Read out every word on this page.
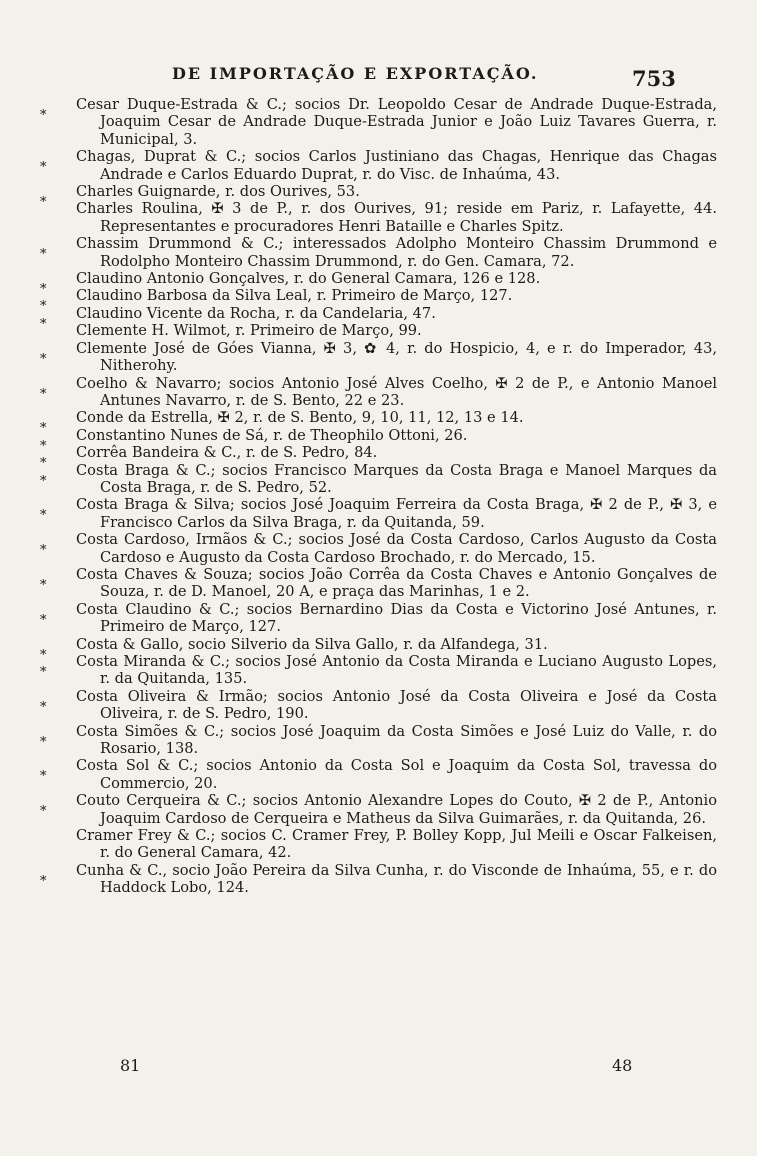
DE IMPORTAÇÃO E EXPORTAÇÃO.	753
*
Cesar Duque-Estrada & C.; socios Dr. Leopoldo Cesar de Andrade Duque-Estrada, Joaquim Cesar de Andrade Duque-Estrada Junior e João Luiz Tavares Guerra, r. Municipal, 3.
*
Chagas, Duprat & C.; socios Carlos Justiniano das Chagas, Henrique das Chagas Andrade e Carlos Eduardo Duprat, r. do Visc. de Inhaúma, 43.
*
Charles Guignarde, r. dos Ourives, 53.
Charles Roulina, ✠ 3 de P., r. dos Ourives, 91; reside em Pariz, r. Lafayette, 44. Representantes e procuradores Henri Bataille e Charles Spitz.
*
Chassim Drummond & C.; interessados Adolpho Monteiro Chassim Drummond e Rodolpho Monteiro Chassim Drummond, r. do Gen. Camara, 72.
*
Claudino Antonio Gonçalves, r. do General Camara, 126 e 128.
*
Claudino Barbosa da Silva Leal, r. Primeiro de Março, 127.
*
Claudino Vicente da Rocha, r. da Candelaria, 47.
Clemente H. Wilmot, r. Primeiro de Março, 99.
*
Clemente José de Góes Vianna, ✠ 3, ✿ 4, r. do Hospicio, 4, e r. do Imperador, 43, Nitherohy.
*
Coelho & Navarro; socios Antonio José Alves Coelho, ✠ 2 de P., e Antonio Manoel Antunes Navarro, r. de S. Bento, 22 e 23.
*
Conde da Estrella, ✠ 2, r. de S. Bento, 9, 10, 11, 12, 13 e 14.
*
Constantino Nunes de Sá, r. de Theophilo Ottoni, 26.
*
Corrêa Bandeira & C., r. de S. Pedro, 84.
*
Costa Braga & C.; socios Francisco Marques da Costa Braga e Manoel Marques da Costa Braga, r. de S. Pedro, 52.
*
Costa Braga & Silva; socios José Joaquim Ferreira da Costa Braga, ✠ 2 de P., ✠ 3, e Francisco Carlos da Silva Braga, r. da Quitanda, 59.
*
Costa Cardoso, Irmãos & C.; socios José da Costa Cardoso, Carlos Augusto da Costa Cardoso e Augusto da Costa Cardoso Brochado, r. do Mercado, 15.
*
Costa Chaves & Souza; socios João Corrêa da Costa Chaves e Antonio Gonçalves de Souza, r. de D. Manoel, 20 A, e praça das Marinhas, 1 e 2.
*
Costa Claudino & C.; socios Bernardino Dias da Costa e Victorino José Antunes, r. Primeiro de Março, 127.
*
Costa & Gallo, socio Silverio da Silva Gallo, r. da Alfandega, 31.
*
Costa Miranda & C.; socios José Antonio da Costa Miranda e Luciano Augusto Lopes, r. da Quitanda, 135.
*
Costa Oliveira & Irmão; socios Antonio José da Costa Oliveira e José da Costa Oliveira, r. de S. Pedro, 190.
*
Costa Simões & C.; socios José Joaquim da Costa Simões e José Luiz do Valle, r. do Rosario, 138.
*
Costa Sol & C.; socios Antonio da Costa Sol e Joaquim da Costa Sol, travessa do Commercio, 20.
*
Couto Cerqueira & C.; socios Antonio Alexandre Lopes do Couto, ✠ 2 de P., Antonio Joaquim Cardoso de Cerqueira e Matheus da Silva Guimarães, r. da Quitanda, 26.
Cramer Frey & C.; socios C. Cramer Frey, P. Bolley Kopp, Jul Meili e Oscar Falkeisen, r. do General Camara, 42.
*
Cunha & C., socio João Pereira da Silva Cunha, r. do Visconde de Inhaúma, 55, e r. do Haddock Lobo, 124.
81	48
